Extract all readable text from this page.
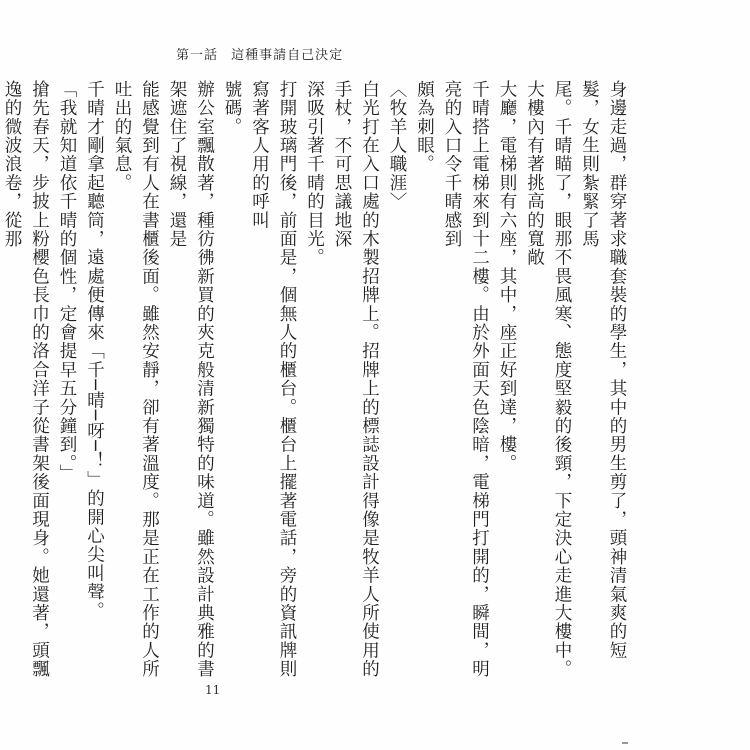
第一話 這種事請自己決定

身邊走過，群穿著求職套裝的學生，其中的男生剪了，頭神清氣爽的短髮，女生則紮緊了馬

尾。千晴瞄了，眼那不畏風寒、態度堅毅的後頸，下定決心走進大樓中。大樓內有著挑高的寬敞

大廳，電梯則有六座，其中，座正好到達，樓。

千晴搭上電梯來到十二樓。由於外面天色陰暗，電梯門打開的，瞬間，明亮的入口令千晴感到

頗為刺眼。

〈牧羊人職涯〉

白光打在入口處的木製招牌上。招牌上的標誌設計得像是牧羊人所使用的手杖，不可思議地深

深吸引著千晴的目光。

打開玻璃門後，前面是，個無人的櫃台。櫃台上擺著電話，旁的資訊牌則寫著客人用的呼叫

號碼。

辦公室飄散著，種彷彿新買的夾克般清新獨特的味道。雖然設計典雅的書架遮住了視線，還是

能感覺到有人在書櫃後面。雖然安靜，卻有著溫度。那是正在工作的人所吐出的氣息。

千晴才剛拿起聽筒，遠處便傳來「千─晴─呀─！」的開心尖叫聲。

「我就知道依千晴的個性，定會提早五分鐘到。」

搶先春天，步披上粉櫻色長巾的洛合洋子從書架後面現身。她還著，頭飄逸的微波浪卷，從那

11
